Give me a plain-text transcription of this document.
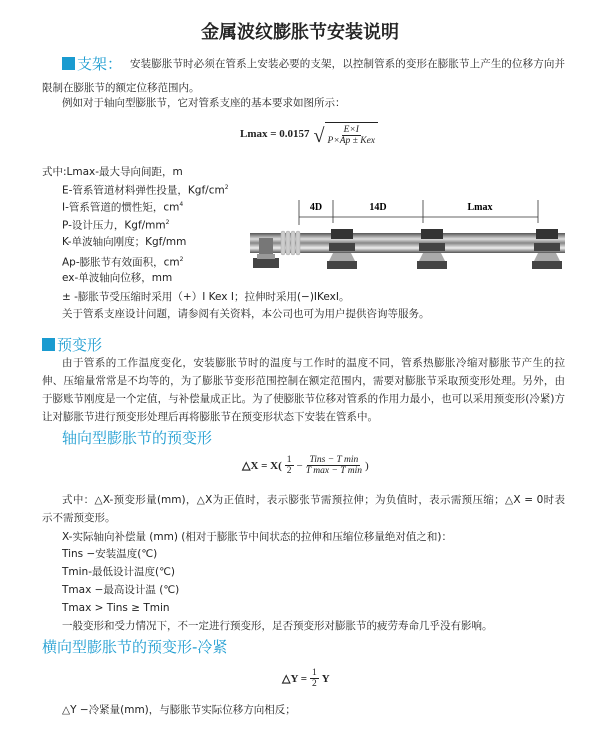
金属波纹膨胀节安装说明
支架： 安装膨胀节时必须在管系上安装必要的支架，以控制管系的变形在膨胀节上产生的位移方向并
限制在膨胀节的额定位移范围内。
例如对于轴向型膨胀节，它对管系支座的基本要求如图所示：
Lmax = 0.0157 √ $\frac{E\times I}{\text{P×Ap ± Kex}}$
式中:Lmax-最大导向间距，m
E-管系管道材料弹性投量，Kgf/$cm^2$
I-管系管道的惯性矩，$cm^4$
P-设计压力，Kgf/$mm^2$
K-单波轴向刚度；Kgf/mm
Ap-膨胀节有效面积，$cm^2$
ex-单波轴向位移，mm
± -膨胀节受压缩时采用（+）I Kex I；拉伸时采用(−)IKexI。
关于管系支座设计问题，请参阅有关资料，本公司也可为用户提供咨询等服务。
4D	14D	Lmax
预变形
由于管系的工作温度变化，安装膨胀节时的温度与工作时的温度不同，管系热膨胀冷缩对膨胀节产生的拉
伸、压缩量常常是不均等的，为了膨胀节变形范围控制在额定范围内，需要对膨胀节采取预变形处理。另外，由
于膨账节刚度是一个定值，与补偿量成正比。为了使膨胀节位移对管系的作用力最小，也可以采用预变形(冷紧)方
让对膨胀节进行预变形处理后再将膨胀节在预变形状态下安装在管系中。
轴向型膨胀节的预变形
△X = $X( \frac{1}{2} - \frac{\text{Tins − T min}}{\text{T max − T min}}$ )
式中：△X-预变形量(mm)，△X为正值时，表示膨张节需预拉伸；为负值时，表示需预压缩；△X = 0时表
示不需预变形。
X-实际轴向补偿量 (mm) (相对于膨胀节中间状态的拉伸和压缩位移量绝对值之和)：
Tins −安装温度(℃)
Tmin-最低设计温度(℃)
Tmax −最高设计温 (℃)
Tmax > Tins ≥ Tmin
一般变形和受力情况下，不一定进行预变形，足否预变形对膨胀节的疲劳寿命几乎没有影响。
横向型膨胀节的预变形-冷紧
△Y = $\frac{1}{2}$ Y
△Y −冷紧量(mm)，与膨胀节实际位移方向相反；
